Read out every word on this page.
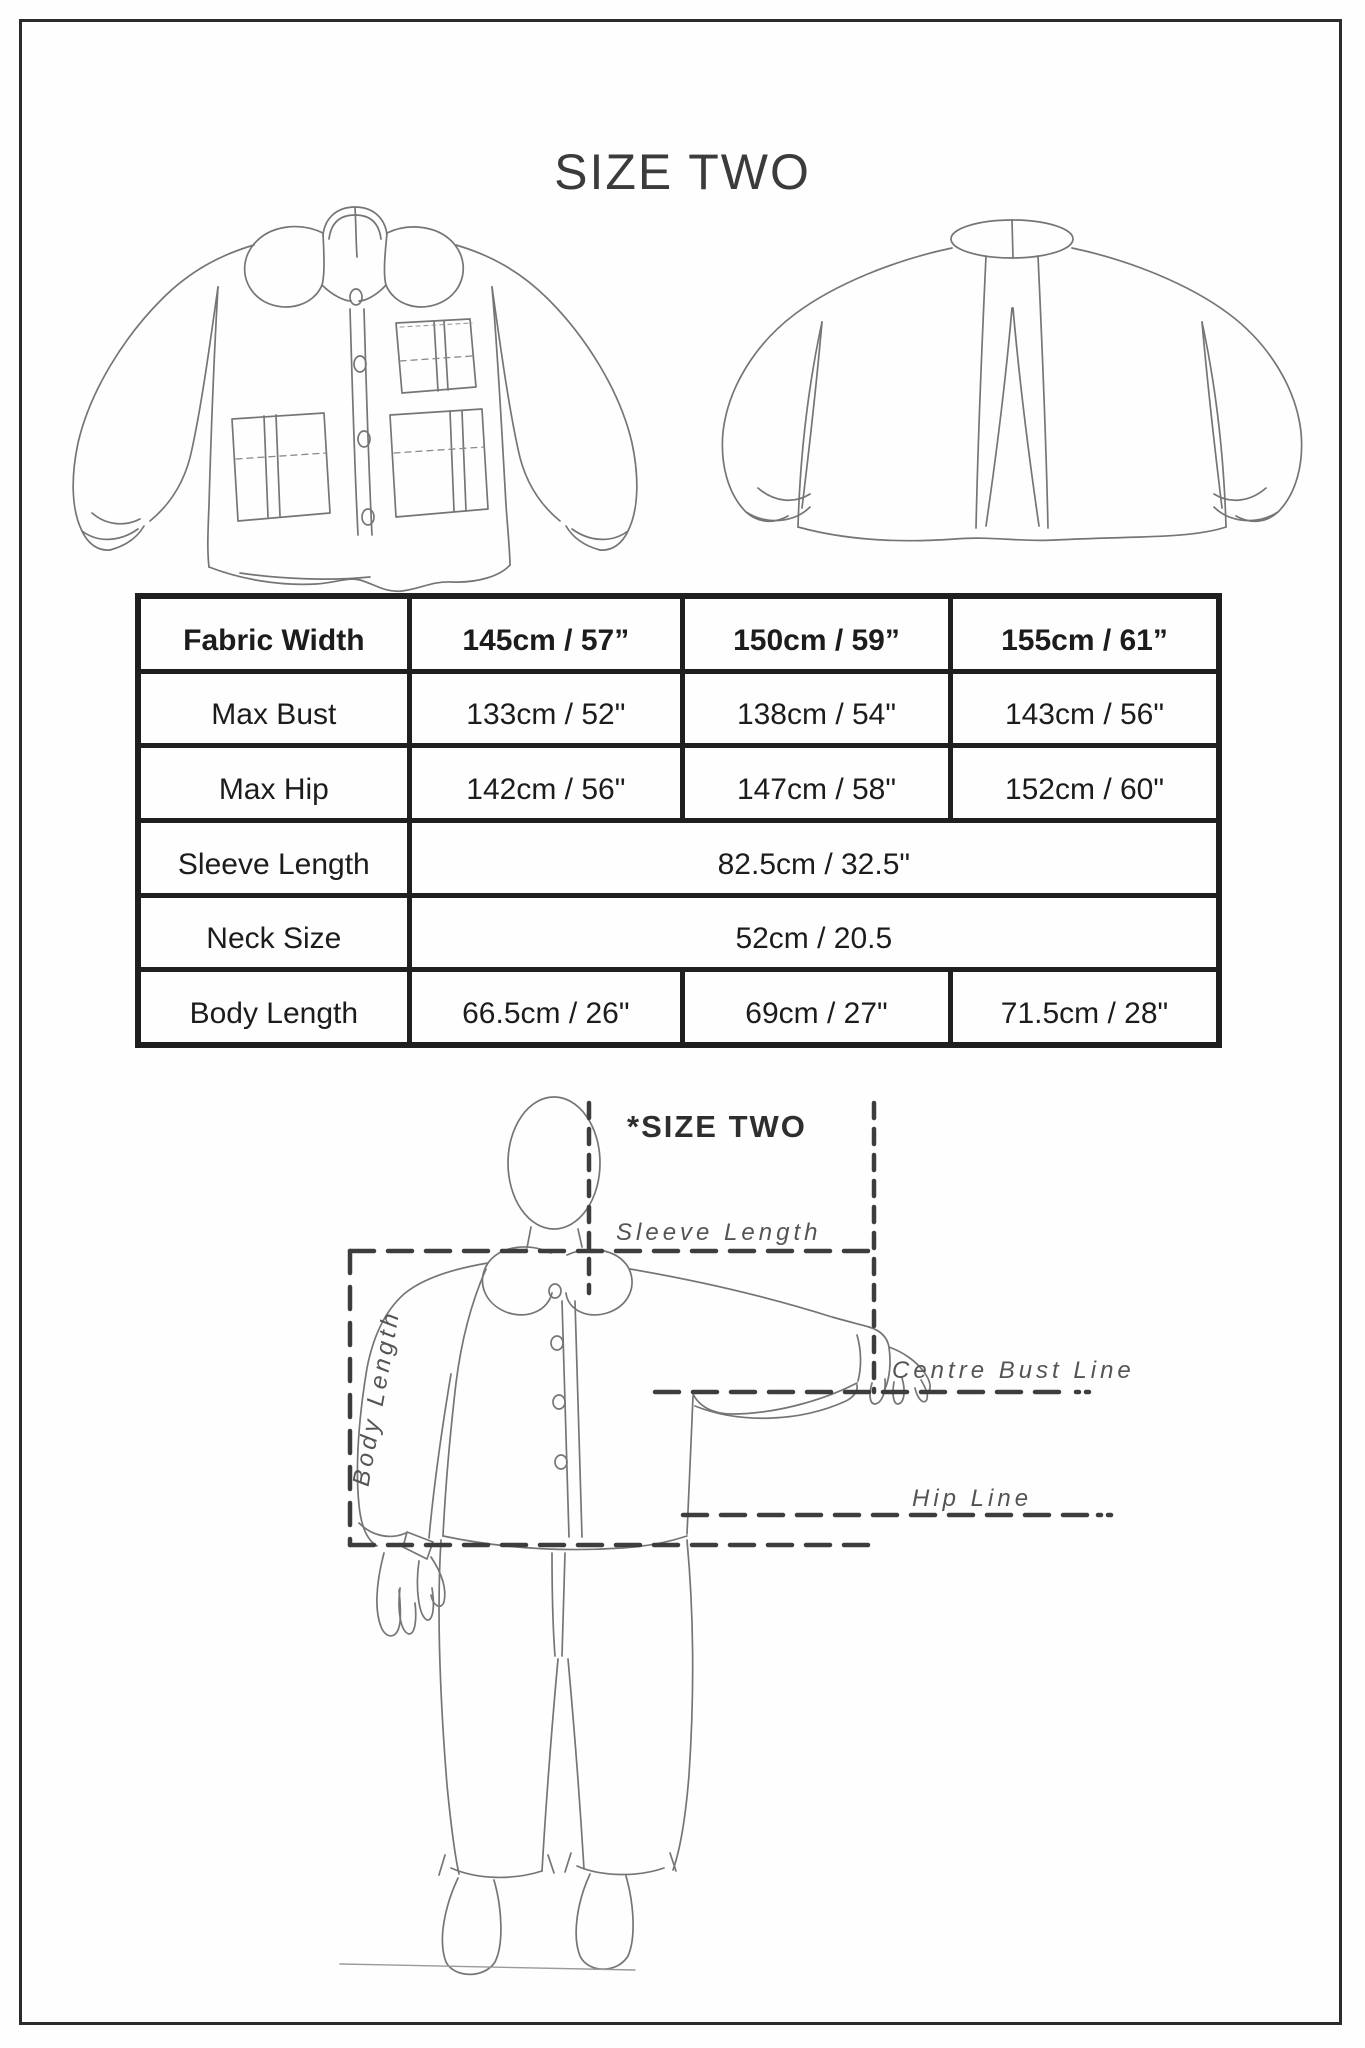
SIZE TWO
Fabric Width	145cm / 57”	150cm / 59”	155cm / 61”
Max Bust	133cm / 52"	138cm / 54"	143cm / 56"
Max Hip	142cm / 56"	147cm / 58"	152cm / 60"
Sleeve Length	82.5cm / 32.5"
Neck Size	52cm / 20.5
Body Length	66.5cm / 26"	69cm / 27"	71.5cm / 28"
*SIZE TWO
Sleeve Length
Centre Bust Line
Hip Line
Body Length
